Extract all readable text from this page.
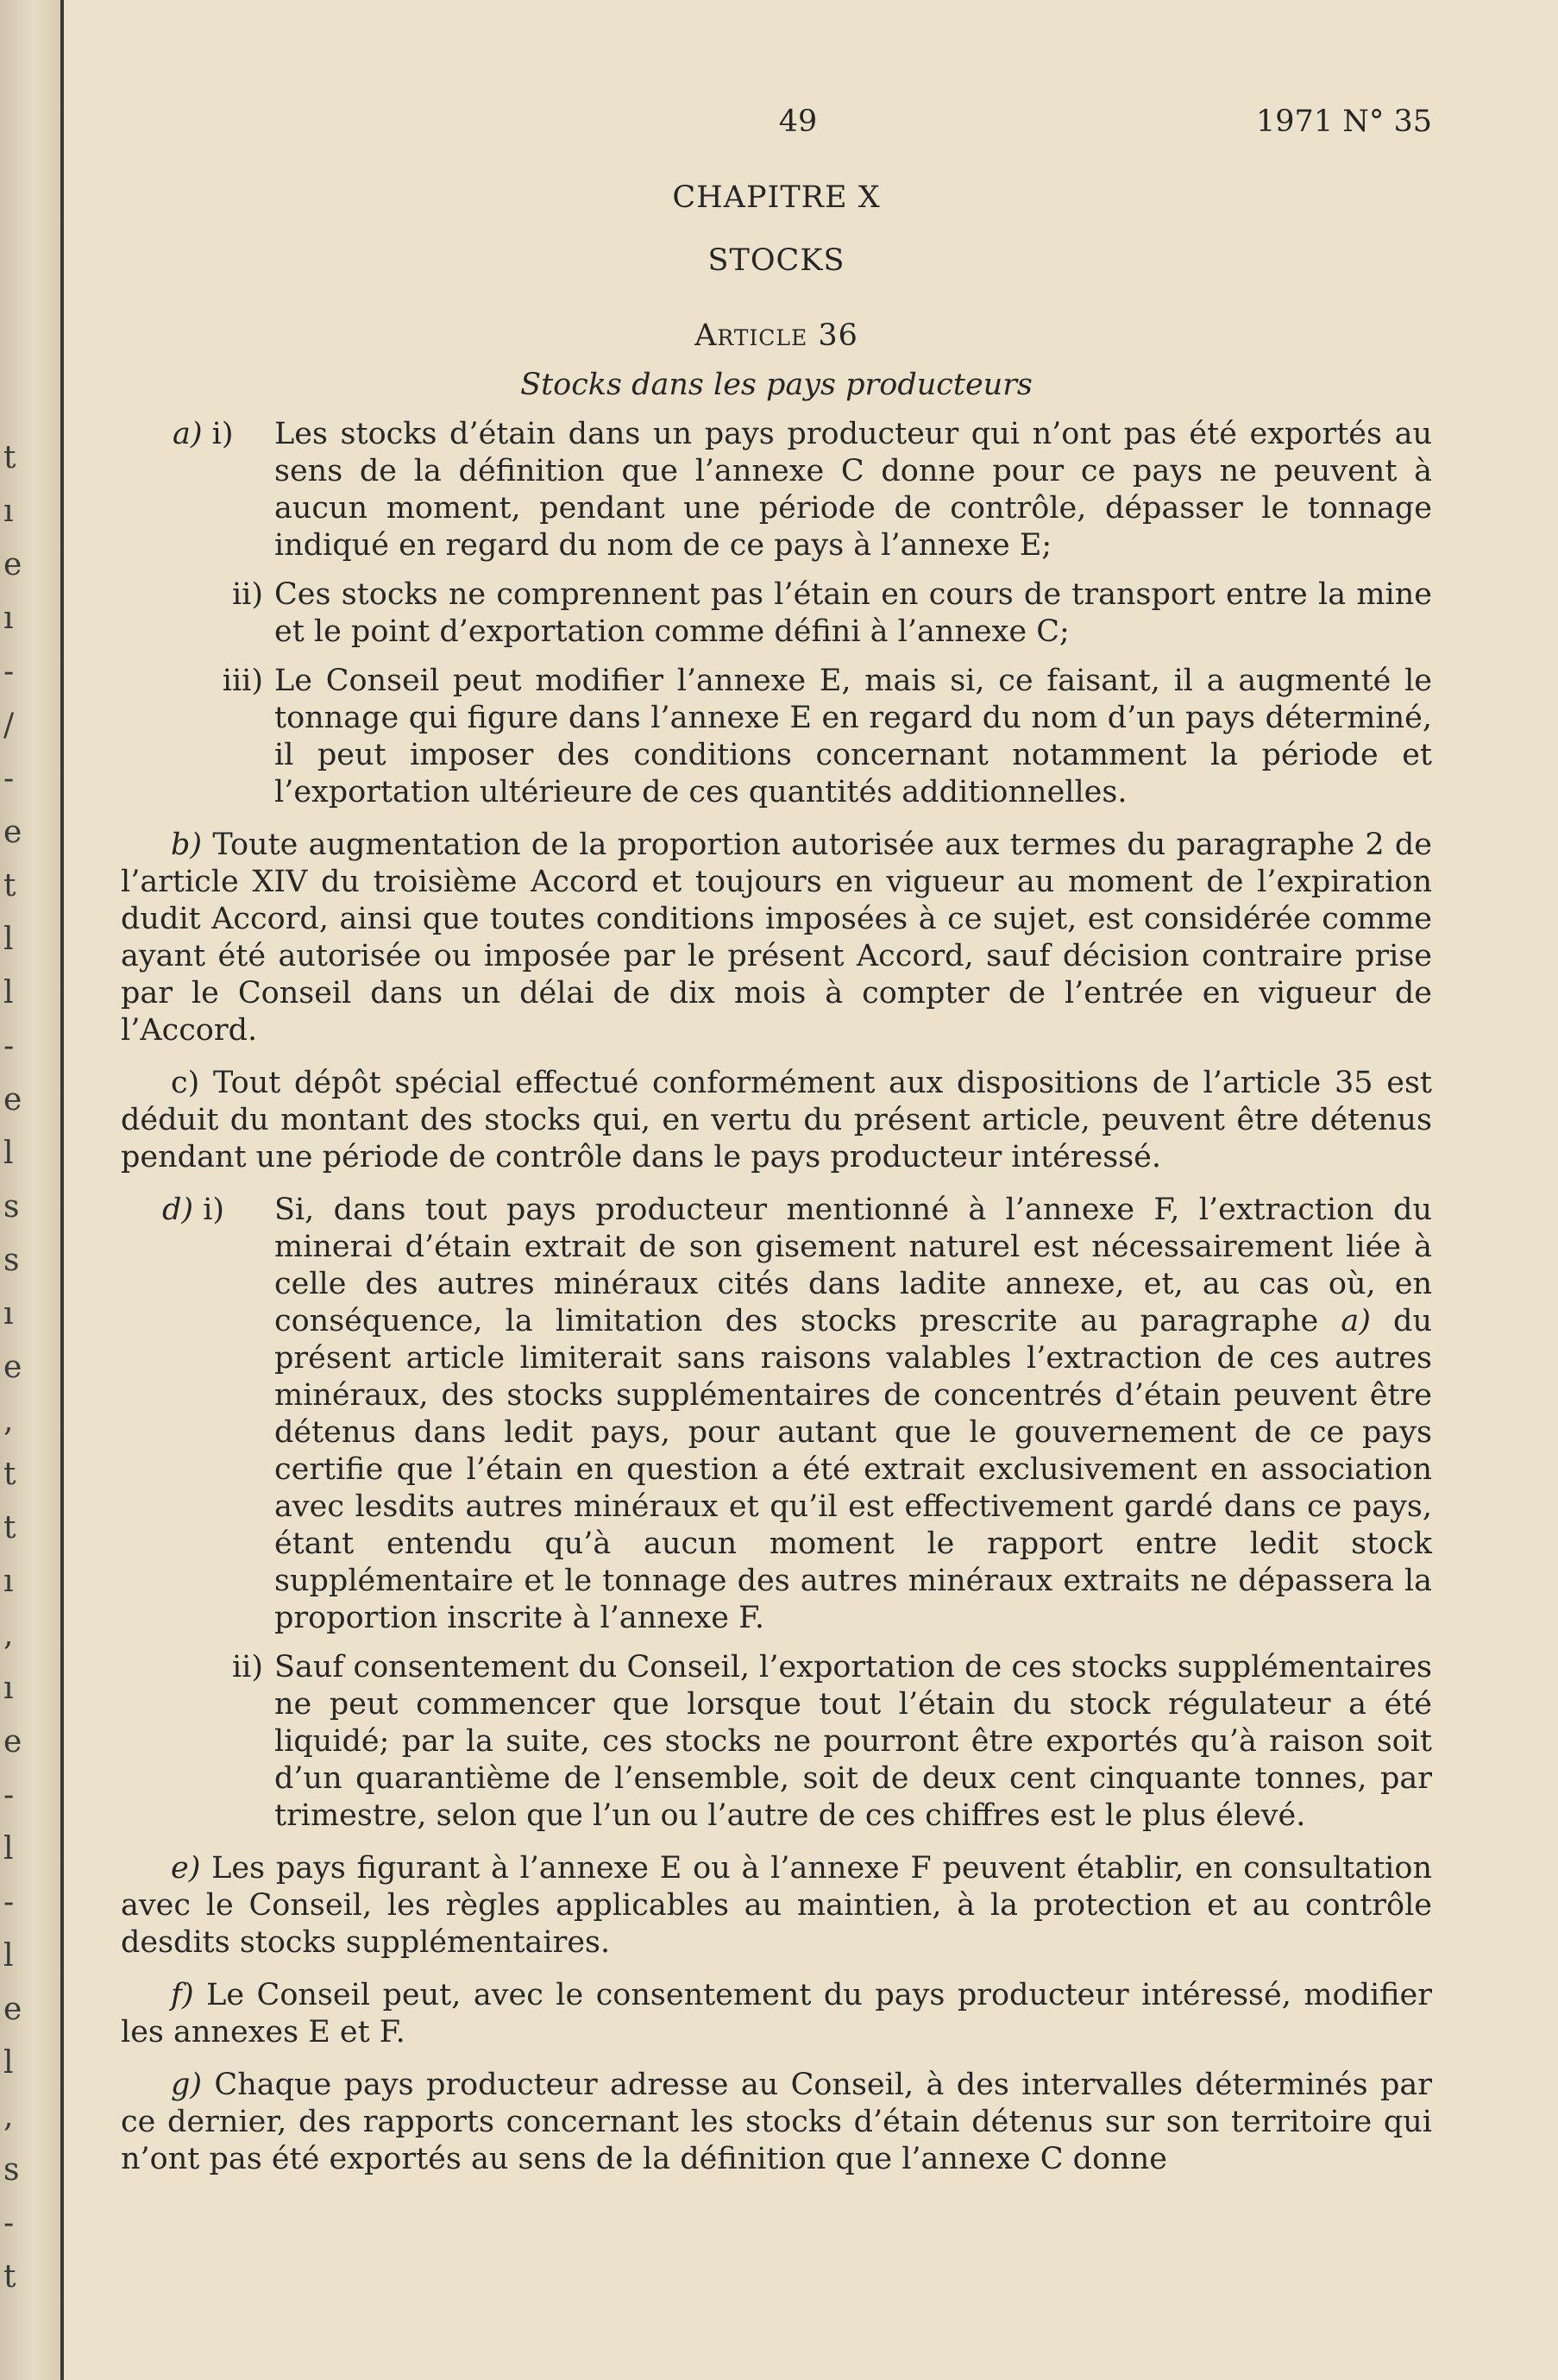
t
ı
e
ı
-
/
-
e
t
l
l
-
e
l
s
s
ı
e
,
t
t
ı
,
ı
e
-
l
-
l
e
l
,
s
-
t
49	1971 N° 35
CHAPITRE X
STOCKS
Article 36
Stocks dans les pays producteurs
a) i)	Les stocks d’étain dans un pays producteur qui n’ont pas été exportés au sens de la définition que l’annexe C donne pour ce pays ne peuvent à aucun moment, pendant une période de contrôle, dépasser le tonnage indiqué en regard du nom de ce pays à l’annexe E;
ii) Ces stocks ne comprennent pas l’étain en cours de transport entre la mine et le point d’exportation comme défini à l’annexe C;
iii) Le Conseil peut modifier l’annexe E, mais si, ce faisant, il a augmenté le tonnage qui figure dans l’annexe E en regard du nom d’un pays déterminé, il peut imposer des conditions concernant notamment la période et l’exportation ultérieure de ces quantités additionnelles.
b) Toute augmentation de la proportion autorisée aux termes du paragraphe 2 de l’article XIV du troisième Accord et toujours en vigueur au moment de l’expiration dudit Accord, ainsi que toutes conditions imposées à ce sujet, est considérée comme ayant été autorisée ou imposée par le présent Accord, sauf décision contraire prise par le Conseil dans un délai de dix mois à compter de l’entrée en vigueur de l’Accord.
c) Tout dépôt spécial effectué conformément aux dispositions de l’article 35 est déduit du montant des stocks qui, en vertu du présent article, peuvent être détenus pendant une période de contrôle dans le pays producteur intéressé.
d) i)	Si, dans tout pays producteur mentionné à l’annexe F, l’extraction du minerai d’étain extrait de son gisement naturel est nécessairement liée à celle des autres minéraux cités dans ladite annexe, et, au cas où, en conséquence, la limitation des stocks prescrite au paragraphe a) du présent article limiterait sans raisons valables l’extraction de ces autres minéraux, des stocks supplémentaires de concentrés d’étain peuvent être détenus dans ledit pays, pour autant que le gouvernement de ce pays certifie que l’étain en question a été extrait exclusivement en association avec lesdits autres minéraux et qu’il est effectivement gardé dans ce pays, étant entendu qu’à aucun moment le rapport entre ledit stock supplémentaire et le tonnage des autres minéraux extraits ne dépassera la proportion inscrite à l’annexe F.
ii) Sauf consentement du Conseil, l’exportation de ces stocks supplémentaires ne peut commencer que lorsque tout l’étain du stock régulateur a été liquidé; par la suite, ces stocks ne pourront être exportés qu’à raison soit d’un quarantième de l’ensemble, soit de deux cent cinquante tonnes, par trimestre, selon que l’un ou l’autre de ces chiffres est le plus élevé.
e) Les pays figurant à l’annexe E ou à l’annexe F peuvent établir, en consultation avec le Conseil, les règles applicables au maintien, à la protection et au contrôle desdits stocks supplémentaires.
f) Le Conseil peut, avec le consentement du pays producteur intéressé, modifier les annexes E et F.
g) Chaque pays producteur adresse au Conseil, à des intervalles déterminés par ce dernier, des rapports concernant les stocks d’étain détenus sur son territoire qui n’ont pas été exportés au sens de la définition que l’annexe C donne
